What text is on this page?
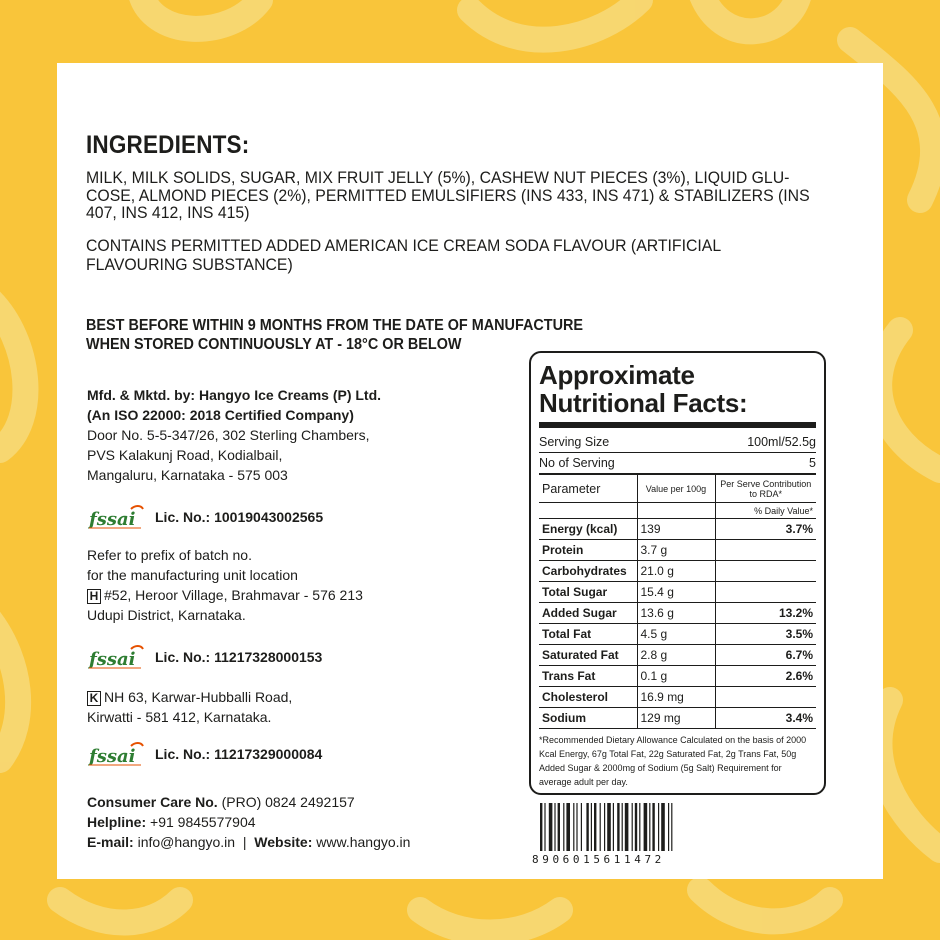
INGREDIENTS:
MILK, MILK SOLIDS, SUGAR, MIX FRUIT JELLY (5%), CASHEW NUT PIECES (3%), LIQUID GLU-COSE, ALMOND PIECES (2%), PERMITTED EMULSIFIERS (INS 433, INS 471) & STABILIZERS (INS 407, INS 412, INS 415)
CONTAINS PERMITTED ADDED AMERICAN ICE CREAM SODA FLAVOUR (ARTIFICIAL FLAVOURING SUBSTANCE)
BEST BEFORE WITHIN 9 MONTHS FROM THE DATE OF MANUFACTURE
WHEN STORED CONTINUOUSLY AT - 18°C OR BELOW
Mfd. & Mktd. by: Hangyo Ice Creams (P) Ltd.
(An ISO 22000: 2018 Certified Company)
Door No. 5-5-347/26, 302 Sterling Chambers,
PVS Kalakunj Road, Kodialbail,
Mangaluru, Karnataka - 575 003
fssai Lic. No.: 10019043002565
Refer to prefix of batch no.
for the manufacturing unit location
H #52, Heroor Village, Brahmavar - 576 213
Udupi District, Karnataka.
fssai Lic. No.: 11217328000153
K NH 63, Karwar-Hubballi Road,
Kirwatti - 581 412, Karnataka.
fssai Lic. No.: 11217329000084
Consumer Care No. (PRO) 0824 2492157
Helpline: +91 9845577904
E-mail: info@hangyo.in | Website: www.hangyo.in
Approximate
Nutritional Facts:
Serving Size	100ml/52.5g
No of Serving	5
Parameter	Value per 100g	Per Serve Contribution to RDA*
		% Daily Value*
Energy (kcal)	139	3.7%
Protein	3.7 g	
Carbohydrates	21.0 g	
Total Sugar	15.4 g	
Added Sugar	13.6 g	13.2%
Total Fat	4.5 g	3.5%
Saturated Fat	2.8 g	6.7%
Trans Fat	0.1 g	2.6%
Cholesterol	16.9 mg	
Sodium	129 mg	3.4%
*Recommended Dietary Allowance Calculated on the basis of 2000 Kcal Energy, 67g Total Fat, 22g Saturated Fat, 2g Trans Fat, 50g Added Sugar & 2000mg of Sodium (5g Salt) Requirement for average adult per day.
8906015611472
